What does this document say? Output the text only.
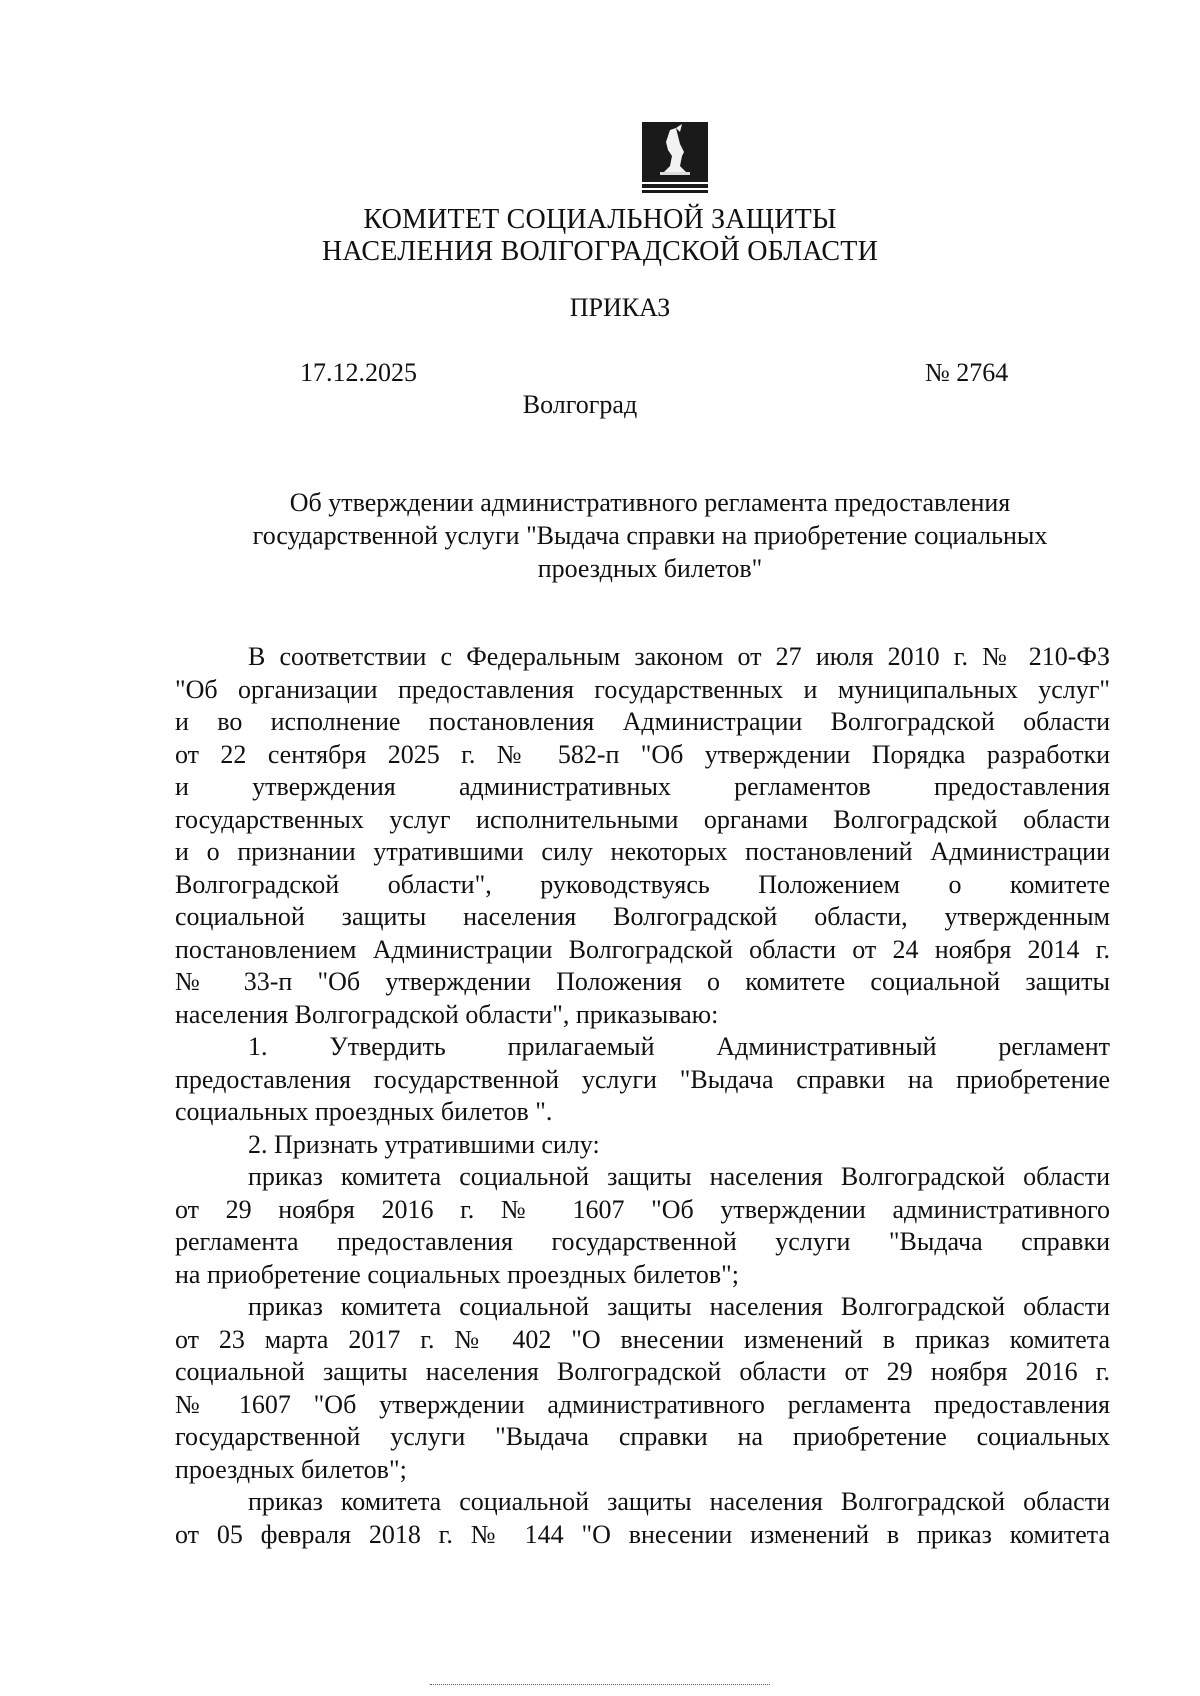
КОМИТЕТ СОЦИАЛЬНОЙ ЗАЩИТЫ
НАСЕЛЕНИЯ ВОЛГОГРАДСКОЙ ОБЛАСТИ
ПРИКАЗ
17.12.2025	№ 2764
Волгоград
Об утверждении административного регламента предоставления
государственной услуги "Выдача справки на приобретение социальных
проездных билетов"
В соответствии с Федеральным законом от 27 июля 2010 г. № 210-ФЗ
"Об организации предоставления государственных и муниципальных услуг"
и во исполнение постановления Администрации Волгоградской области
от 22 сентября 2025 г. № 582-п "Об утверждении Порядка разработки
и утверждения административных регламентов предоставления
государственных услуг исполнительными органами Волгоградской области
и о признании утратившими силу некоторых постановлений Администрации
Волгоградской области", руководствуясь Положением о комитете
социальной защиты населения Волгоградской области, утвержденным
постановлением Администрации Волгоградской области от 24 ноября 2014 г.
№ 33-п "Об утверждении Положения о комитете социальной защиты
населения Волгоградской области", приказываю:
1. Утвердить прилагаемый Административный регламент
предоставления государственной услуги "Выдача справки на приобретение
социальных проездных билетов ".
2. Признать утратившими силу:
приказ комитета социальной защиты населения Волгоградской области
от 29 ноября 2016 г. № 1607 "Об утверждении административного
регламента предоставления государственной услуги "Выдача справки
на приобретение социальных проездных билетов";
приказ комитета социальной защиты населения Волгоградской области
от 23 марта 2017 г. № 402 "О внесении изменений в приказ комитета
социальной защиты населения Волгоградской области от 29 ноября 2016 г.
№ 1607 "Об утверждении административного регламента предоставления
государственной услуги "Выдача справки на приобретение социальных
проездных билетов";
приказ комитета социальной защиты населения Волгоградской области
от 05 февраля 2018 г. № 144 "О внесении изменений в приказ комитета
